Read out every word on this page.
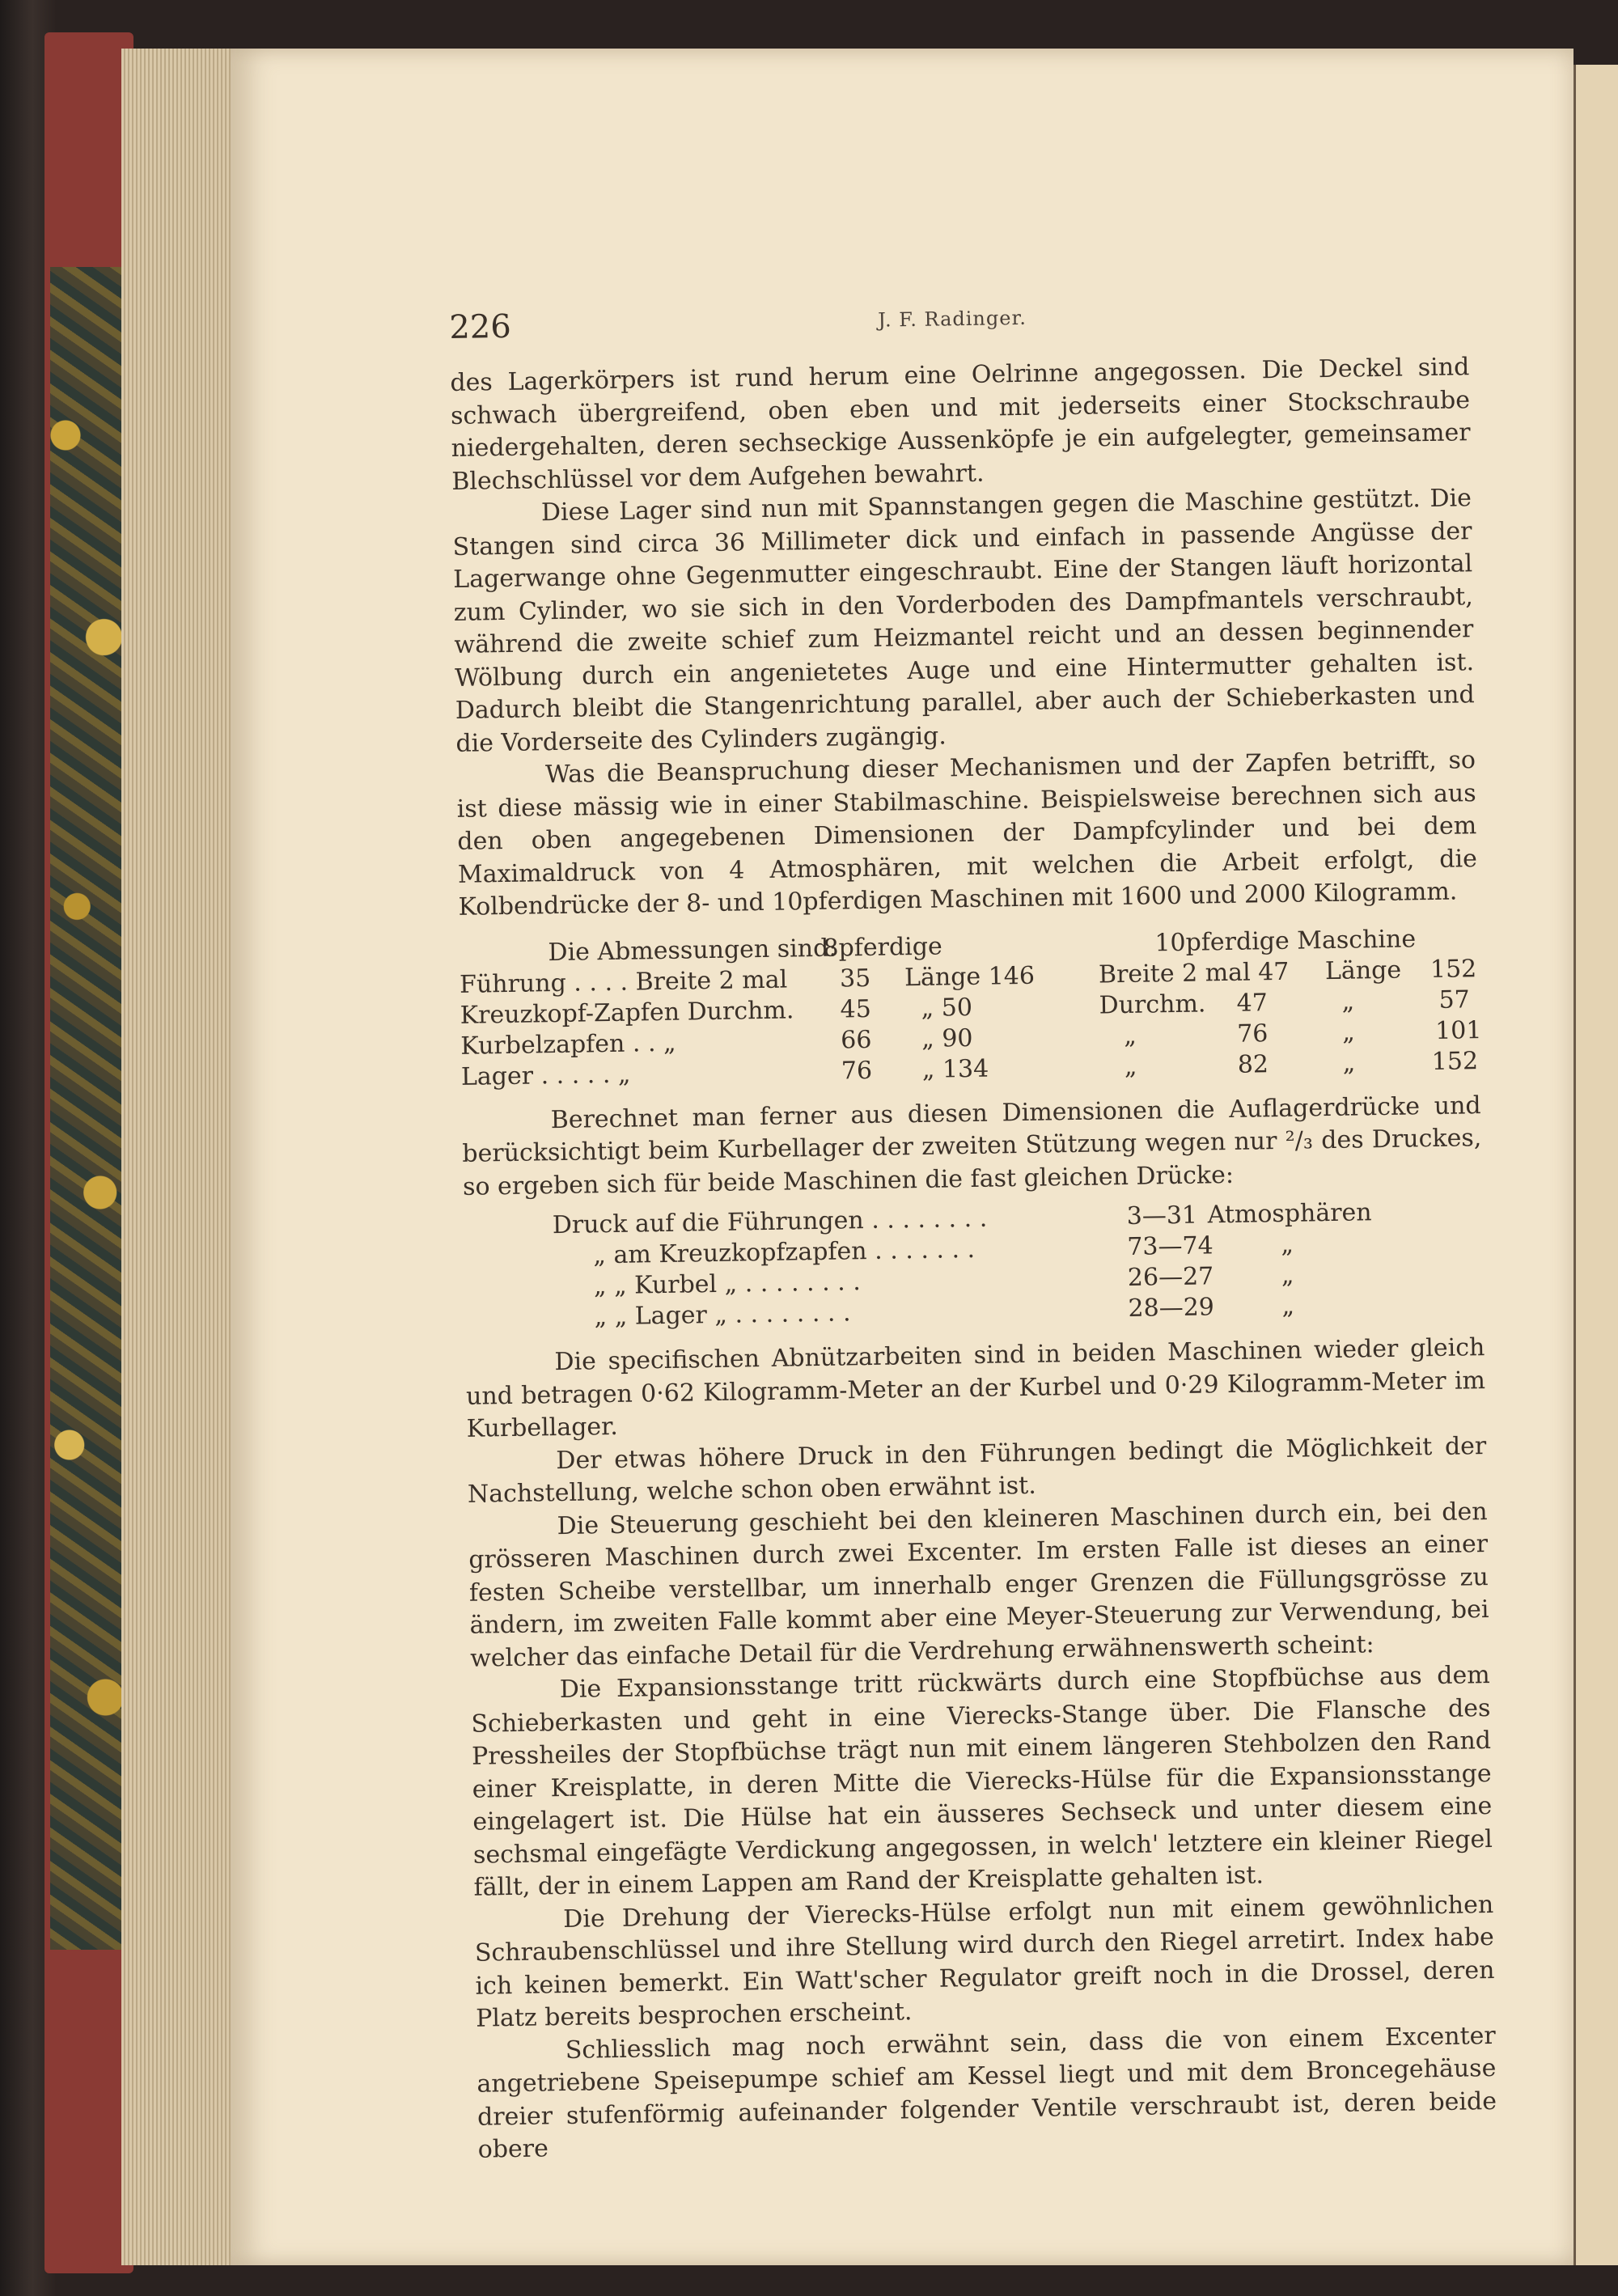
226	J. F. Radinger.

des Lagerkörpers ist rund herum eine Oelrinne angegossen. Die Deckel sind schwach übergreifend, oben eben und mit jederseits einer Stockschraube niedergehalten, deren sechseckige Aussenköpfe je ein aufgelegter, gemeinsamer Blechschlüssel vor dem Aufgehen bewahrt.

Diese Lager sind nun mit Spannstangen gegen die Maschine gestützt. Die Stangen sind circa 36 Millimeter dick und einfach in passende Angüsse der Lagerwange ohne Gegenmutter eingeschraubt. Eine der Stangen läuft horizontal zum Cylinder, wo sie sich in den Vorderboden des Dampfmantels verschraubt, während die zweite schief zum Heizmantel reicht und an dessen beginnender Wölbung durch ein angenietetes Auge und eine Hintermutter gehalten ist. Dadurch bleibt die Stangenrichtung parallel, aber auch der Schieberkasten und die Vorderseite des Cylinders zugängig.

Was die Beanspruchung dieser Mechanismen und der Zapfen betrifft, so ist diese mässig wie in einer Stabilmaschine. Beispielsweise berechnen sich aus den oben angegebenen Dimensionen der Dampfcylinder und bei dem Maximaldruck von 4 Atmosphären, mit welchen die Arbeit erfolgt, die Kolbendrücke der 8- und 10pferdigen Maschinen mit 1600 und 2000 Kilogramm.

Die Abmessungen sind:
8pferdige	10pferdige Maschine
Führung . . . . Breite 2 mal 35 Länge 146	Breite 2 mal 47 Länge 152
Kreuzkopf-Zapfen Durchm. 45 „ 50	Durchm. 47	„	57
Kurbelzapfen . . „	66 „ 90	„	76	„	101
Lager . . . . . „	76 „ 134	„	82	„	152

Berechnet man ferner aus diesen Dimensionen die Auflagerdrücke und berücksichtigt beim Kurbellager der zweiten Stützung wegen nur ²/₃ des Druckes, so ergeben sich für beide Maschinen die fast gleichen Drücke:

Druck auf die Führungen . . . . . . . .	3—31 Atmosphären
„ am Kreuzkopfzapfen . . . . . . .	73—74	„
„ „ Kurbel „ . . . . . . . .	26—27	„
„ „ Lager „ . . . . . . . .	28—29	„

Die specifischen Abnützarbeiten sind in beiden Maschinen wieder gleich und betragen 0·62 Kilogramm-Meter an der Kurbel und 0·29 Kilogramm-Meter im Kurbellager.

Der etwas höhere Druck in den Führungen bedingt die Möglichkeit der Nachstellung, welche schon oben erwähnt ist.

Die Steuerung geschieht bei den kleineren Maschinen durch ein, bei den grösseren Maschinen durch zwei Excenter. Im ersten Falle ist dieses an einer festen Scheibe verstellbar, um innerhalb enger Grenzen die Füllungsgrösse zu ändern, im zweiten Falle kommt aber eine Meyer-Steuerung zur Verwendung, bei welcher das einfache Detail für die Verdrehung erwähnenswerth scheint:

Die Expansionsstange tritt rückwärts durch eine Stopfbüchse aus dem Schieberkasten und geht in eine Vierecks-Stange über. Die Flansche des Pressheiles der Stopfbüchse trägt nun mit einem längeren Stehbolzen den Rand einer Kreisplatte, in deren Mitte die Vierecks-Hülse für die Expansionsstange eingelagert ist. Die Hülse hat ein äusseres Sechseck und unter diesem eine sechsmal eingefägte Verdickung angegossen, in welch' letztere ein kleiner Riegel fällt, der in einem Lappen am Rand der Kreisplatte gehalten ist.

Die Drehung der Vierecks-Hülse erfolgt nun mit einem gewöhnlichen Schraubenschlüssel und ihre Stellung wird durch den Riegel arretirt. Index habe ich keinen bemerkt. Ein Watt'scher Regulator greift noch in die Drossel, deren Platz bereits besprochen erscheint.

Schliesslich mag noch erwähnt sein, dass die von einem Excenter angetriebene Speisepumpe schief am Kessel liegt und mit dem Broncegehäuse dreier stufenförmig aufeinander folgender Ventile verschraubt ist, deren beide obere
